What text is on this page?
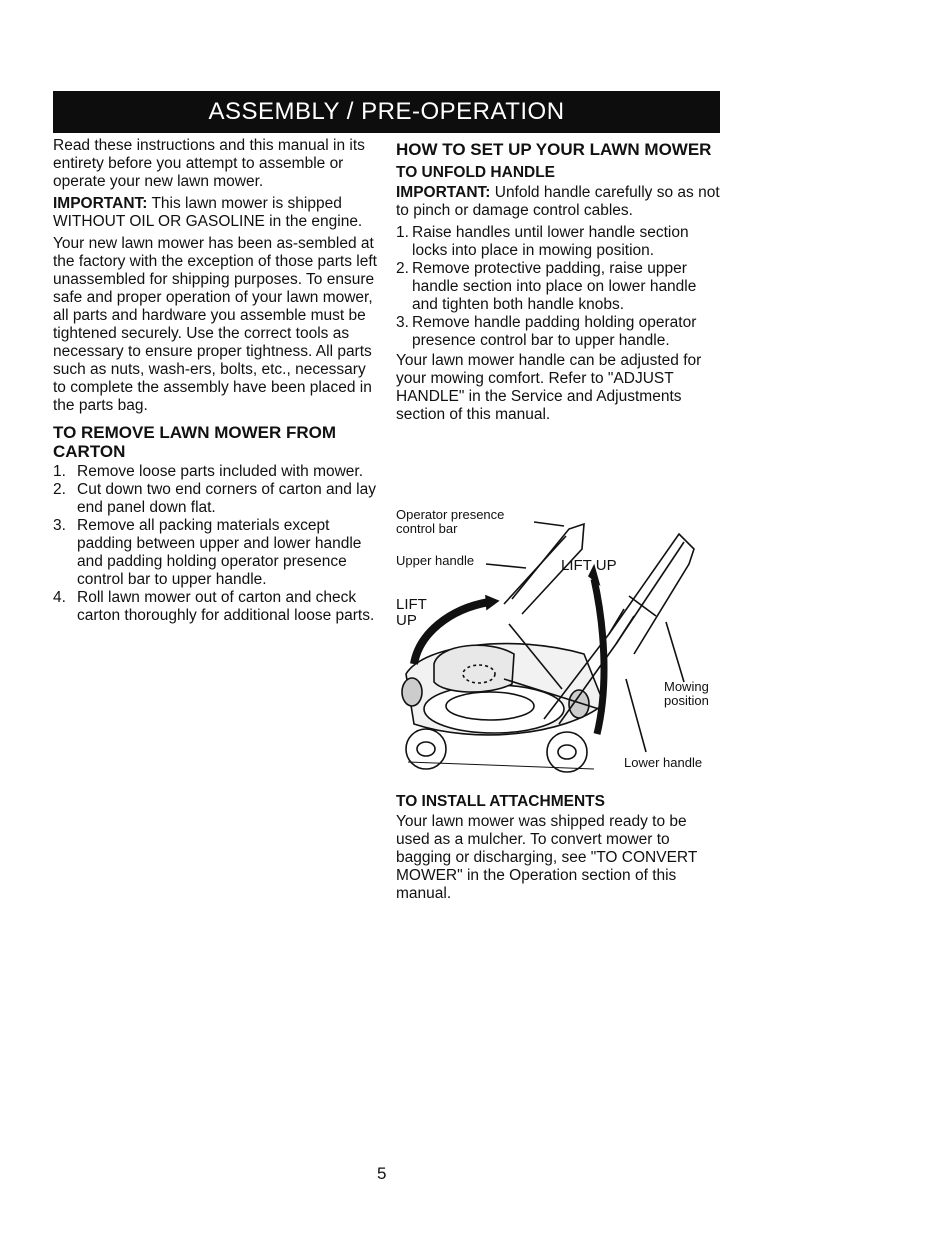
ASSEMBLY / PRE-OPERATION

Read these instructions and this manual in its entirety before you attempt to assemble or operate your new lawn mower.

IMPORTANT: This lawn mower is shipped WITHOUT OIL OR GASOLINE in the engine.

Your new lawn mower has been as-sembled at the factory with the exception of those parts left unassembled for shipping purposes. To ensure safe and proper operation of your lawn mower, all parts and hardware you assemble must be tightened securely. Use the correct tools as necessary to ensure proper tightness. All parts such as nuts, wash-ers, bolts, etc., necessary to complete the assembly have been placed in the parts bag.

TO REMOVE LAWN MOWER FROM CARTON
1. Remove loose parts included with mower.
2. Cut down two end corners of carton and lay end panel down flat.
3. Remove all packing materials except padding between upper and lower handle and padding holding operator presence control bar to upper handle.
4. Roll lawn mower out of carton and check carton thoroughly for additional loose parts.
HOW TO SET UP YOUR LAWN MOWER
TO UNFOLD HANDLE

IMPORTANT: Unfold handle carefully so as not to pinch or damage control cables.

1. Raise handles until lower handle section locks into place in mowing position.
2. Remove protective padding, raise upper handle section into place on lower handle and tighten both handle knobs.
3. Remove handle padding holding operator presence control bar to upper handle.

Your lawn mower handle can be adjusted for your mowing comfort. Refer to "ADJUST HANDLE" in the Service and Adjustments section of this manual.

Operator presence control bar
Upper handle	LIFT UP
LIFT
UP
Mowing position
Lower handle
TO INSTALL ATTACHMENTS

Your lawn mower was shipped ready to be used as a mulcher. To convert mower to bagging or discharging, see "TO CONVERT MOWER" in the Operation section of this manual.

5
